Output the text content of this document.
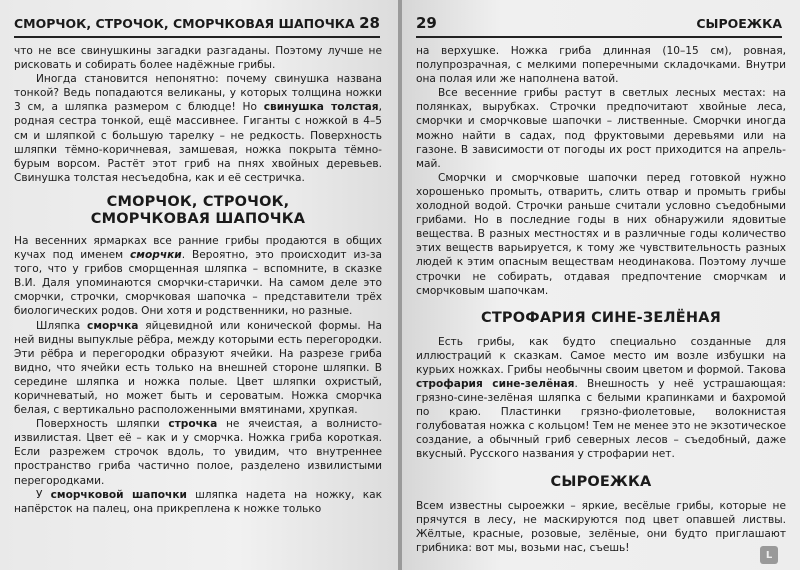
СМОРЧОК, СТРОЧОК, СМОРЧКОВАЯ ШАПОЧКА 28

что не все свинушкины загадки разгаданы. Поэтому лучше не рисковать и собирать более надёжные грибы.

Иногда становится непонятно: почему свинушка названа тонкой? Ведь попадаются великаны, у которых толщина ножки 3 см, а шляпка размером с блюдце! Но свинушка толстая, родная сестра тонкой, ещё массивнее. Гиганты с ножкой в 4–5 см и шляпкой с большую тарелку – не редкость. Поверхность шляпки тёмно-коричневая, замшевая, ножка покрыта тёмно-бурым ворсом. Растёт этот гриб на пнях хвойных деревьев. Свинушка толстая несъедобна, как и её сестричка.

СМОРЧОК, СТРОЧОК,
СМОРЧКОВАЯ ШАПОЧКА

На весенних ярмарках все ранние грибы продаются в общих кучах под именем сморчки. Вероятно, это происходит из-за того, что у грибов сморщенная шляпка – вспомните, в сказке В.И. Даля упоминаются сморчки-старички. На самом деле это сморчки, строчки, сморчковая шапочка – представители трёх биологических родов. Они хотя и родственники, но разные.

Шляпка сморчка яйцевидной или конической формы. На ней видны выпуклые рёбра, между которыми есть перегородки. Эти рёбра и перегородки образуют ячейки. На разрезе гриба видно, что ячейки есть только на внешней стороне шляпки. В середине шляпка и ножка полые. Цвет шляпки охристый, коричневатый, но может быть и сероватым. Ножка сморчка белая, с вертикально расположенными вмятинами, хрупкая.

Поверхность шляпки строчка не ячеистая, а волнисто-извилистая. Цвет её – как и у сморчка. Ножка гриба короткая. Если разрежем строчок вдоль, то увидим, что внутреннее пространство гриба частично полое, разделено извилистыми перегородками.

У сморчковой шапочки шляпка надета на ножку, как напёрсток на палец, она прикреплена к ножке только

29	СЫРОЕЖКА

на верхушке. Ножка гриба длинная (10–15 см), ровная, полупрозрачная, с мелкими поперечными складочками. Внутри она полая или же наполнена ватой.

Все весенние грибы растут в светлых лесных местах: на полянках, вырубках. Строчки предпочитают хвойные леса, сморчки и сморчковые шапочки – лиственные. Сморчки иногда можно найти в садах, под фруктовыми деревьями или на газоне. В зависимости от погоды их рост приходится на апрель-май.

Сморчки и сморчковые шапочки перед готовкой нужно хорошенько промыть, отварить, слить отвар и промыть грибы холодной водой. Строчки раньше считали условно съедобными грибами. Но в последние годы в них обнаружили ядовитые вещества. В разных местностях и в различные годы количество этих веществ варьируется, к тому же чувствительность разных людей к этим опасным веществам неодинакова. Поэтому лучше строчки не собирать, отдавая предпочтение сморчкам и сморчковым шапочкам.

СТРОФАРИЯ СИНЕ-ЗЕЛЁНАЯ

Есть грибы, как будто специально созданные для иллюстраций к сказкам. Самое место им возле избушки на курьих ножках. Грибы необычны своим цветом и формой. Такова строфария сине-зелёная. Внешность у неё устрашающая: грязно-сине-зелёная шляпка с белыми крапинками и бахромой по краю. Пластинки грязно-фиолетовые, волокнистая голубоватая ножка с кольцом! Тем не менее это не экзотическое создание, а обычный гриб северных лесов – съедобный, даже вкусный. Русского названия у строфарии нет.

СЫРОЕЖКА

Всем известны сыроежки – яркие, весёлые грибы, которые не прячутся в лесу, не маскируются под цвет опавшей листвы. Жёлтые, красные, розовые, зелёные, они будто приглашают грибника: вот мы, возьми нас, съешь!

L
